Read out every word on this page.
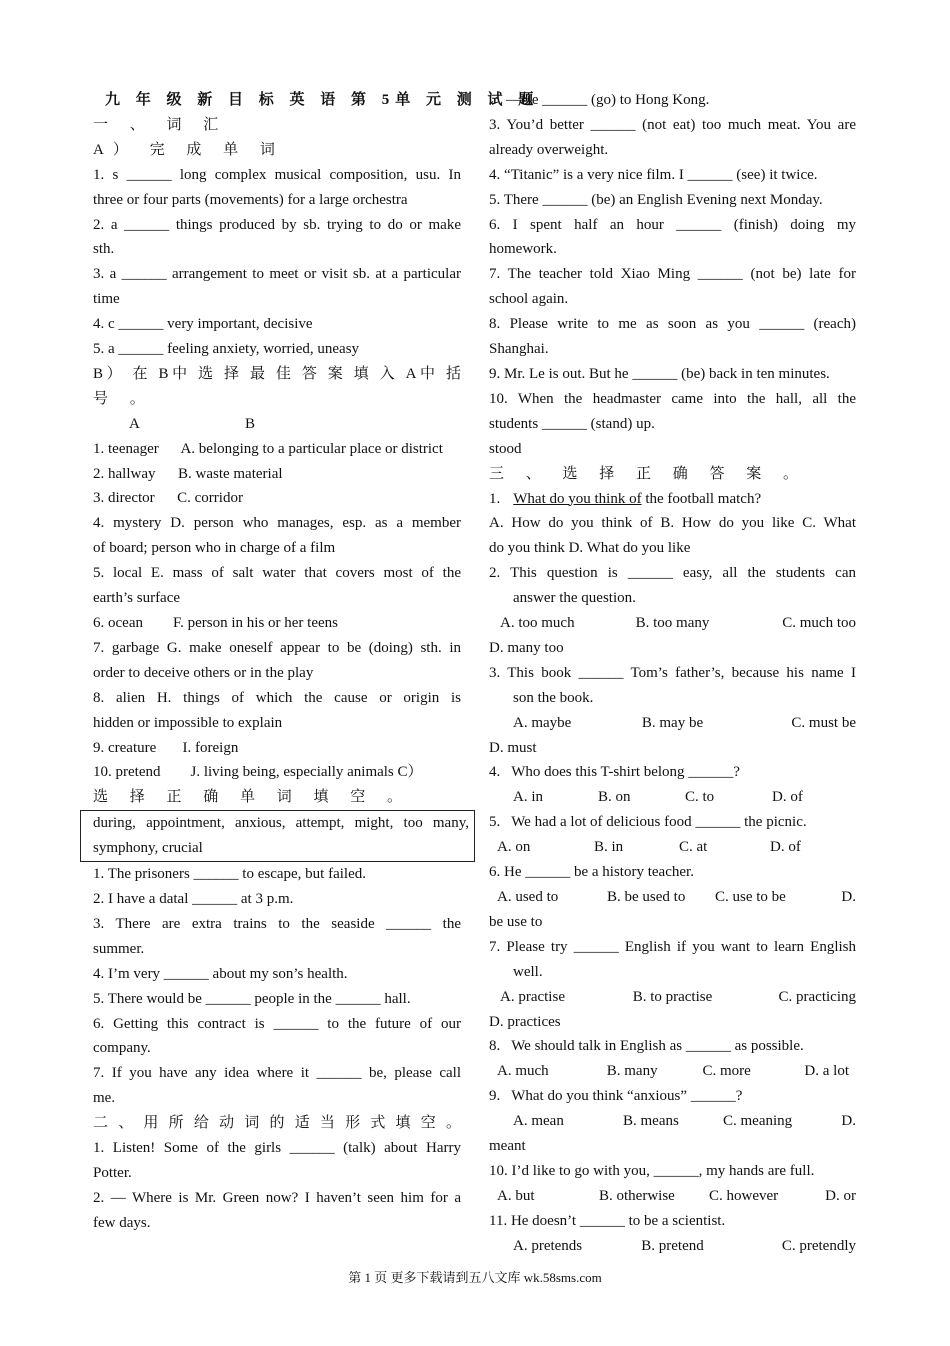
九 年 级 新 目 标 英 语 第 5单 元 测 试 题
一 、 词 汇
A） 完 成 单 词
1. s ______ long complex musical composition, usu. In
three or four parts (movements) for a large orchestra
2. a ______ things produced by sb. trying to do or make
sth.
3. a ______ arrangement to meet or visit sb. at a particular
time
4. c ______ very important, decisive
5. a ______ feeling anxiety, worried, uneasy
B） 在 B中 选 择 最 佳 答 案 填 入 A中 括
号 。
A	B
1. teenager      A. belonging to a particular place or district
2. hallway      B. waste material
3. director      C. corridor
4. mystery D. person who manages, esp. as a member
of board; person who in charge of a film
5. local E. mass of salt water that covers most of the
earth’s surface
6. ocean        F. person in his or her teens
7. garbage G. make oneself appear to be (doing) sth. in
order to deceive others or in the play
8. alien H. things of which the cause or origin is
hidden or impossible to explain
9. creature       I. foreign
10. pretend        J. living being, especially animals C）
选 择 正 确 单 词 填 空 。
during, appointment, anxious, attempt, might, too many,
symphony, crucial
1. The prisoners ______ to escape, but failed.
2. I have a datal ______ at 3 p.m.
3. There are extra trains to the seaside ______ the
summer.
4. I’m very ______ about my son’s health.
5. There would be ______ people in the ______ hall.
6. Getting this contract is ______ to the future of our
company.
7. If you have any idea where it ______ be, please call
me.
二 、 用 所 给 动 词 的 适 当 形 式 填 空 。
1. Listen! Some of the girls ______ (talk) about Harry
Potter.
2. — Where is Mr. Green now? I haven’t seen him for a
few days.
—He ______ (go) to Hong Kong.
3. You’d better ______ (not eat) too much meat. You are
already overweight.
4. “Titanic” is a very nice film. I ______ (see) it twice.
5. There ______ (be) an English Evening next Monday.
6. I spent half an hour ______ (finish) doing my
homework.
7. The teacher told Xiao Ming ______ (not be) late for
school again.
8. Please write to me as soon as you ______ (reach)
Shanghai.
9. Mr. Le is out. But he ______ (be) back in ten minutes.
10. When the headmaster came into the hall, all the
students ______ (stand) up.
stood
三 、 选 择 正 确 答 案 。
1. What do you think of the football match?
A. How do you think of B. How do you like C. What
do you think D. What do you like
2. This question is ______ easy, all the students can
answer the question.
A. too much	B. too many	C. much too
D. many too
3. This book ______ Tom’s father’s, because his name I
son the book.
A. maybe	B. may be	C. must be
D. must
4.   Who does this T-shirt belong ______?
A. in	B. on	C. to	D. of
5.   We had a lot of delicious food ______ the picnic.
A. on	B. in	C. at	D. of
6. He ______ be a history teacher.
A. used to	B. be used to	C. use to be	D.
be use to
7. Please try ______ English if you want to learn English
well.
A. practise	B. to practise	C. practicing
D. practices
8.   We should talk in English as ______ as possible.
A. much	B. many	C. more	D. a lot
9.   What do you think “anxious” ______?
A. mean	B. means	C. meaning	D.
meant
10. I’d like to go with you, ______, my hands are full.
A. but	B. otherwise	C. however	D. or
11. He doesn’t ______ to be a scientist.
A. pretends	B. pretend	C. pretendly
第 1 页 更多下载请到五八文库 wk.58sms.com
